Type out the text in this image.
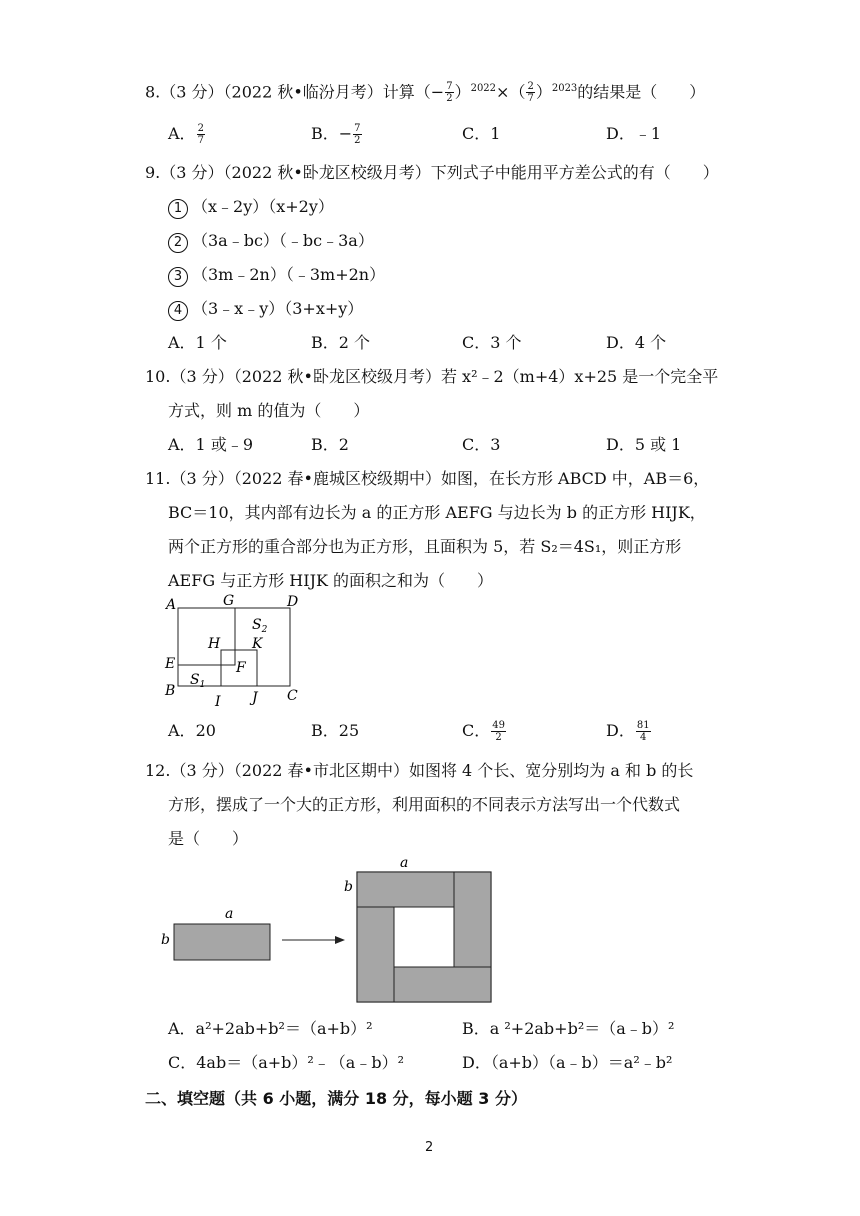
8.（3 分）（2022 秋•临汾月考）计算（− $\frac{7}{2} )^{2022}\times( \frac{2}{7} )^{2023}$的结果是（　　）
A． $\frac{2}{7}$	B．− $\frac{7}{2}$	C．1	D．﹣1
9.（3 分）（2022 秋•卧龙区校级月考）下列式子中能用平方差公式的有（　　）
1 （x﹣2y）（x+2y）
2 （3a﹣bc）（﹣bc﹣3a）
3 （3m﹣2n）（﹣3m+2n）
4 （3﹣x﹣y）（3+x+y）
A．1 个	B．2 个	C．3 个	D．4 个
10.（3 分）（2022 秋•卧龙区校级月考）若 x²﹣2（m+4）x+25 是一个完全平
方式，则 m 的值为（　　）
A．1 或﹣9	B．2	C．3	D．5 或 1
11.（3 分）（2022 春•鹿城区校级期中）如图，在长方形 ABCD 中，AB＝6，
BC＝10，其内部有边长为 a 的正方形 AEFG 与边长为 b 的正方形 HIJK，
两个正方形的重合部分也为正方形，且面积为 5，若 S₂＝4S₁，则正方形
AEFG 与正方形 HIJK 的面积之和为（　　）
A	G	D
$S_2$
H K
E	F
$S_1$
B
I J C
A．20	B．25	C． $\frac{49}{2}$	D． $\frac{81}{4}$
12.（3 分）（2022 春•市北区期中）如图将 4 个长、宽分别均为 a 和 b 的长
方形，摆成了一个大的正方形，利用面积的不同表示方法写出一个代数式
是（　　）
a
b
a
b
A．a²+2ab+b²＝（a+b）²	B．a ²+2ab+b²＝（a﹣b）²
C．4ab＝（a+b）²﹣（a﹣b）²	D．（a+b）（a﹣b）＝a²﹣b²
二、填空题（共 6 小题，满分 18 分，每小题 3 分）
2
